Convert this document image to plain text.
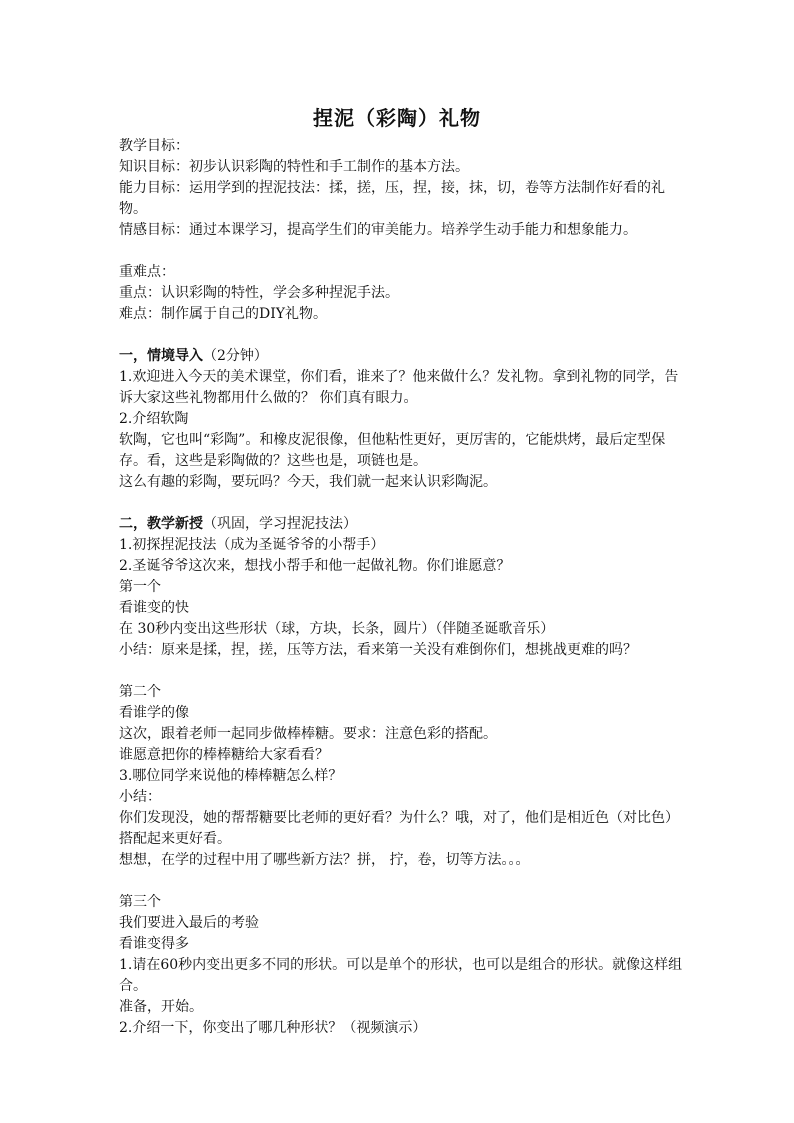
捏泥（彩陶）礼物

教学目标：

知识目标：初步认识彩陶的特性和手工制作的基本方法。

能力目标：运用学到的捏泥技法：揉，搓，压，捏，接，抹，切，卷等方法制作好看的礼物。

情感目标：通过本课学习，提高学生们的审美能力。培养学生动手能力和想象能力。

重难点：

重点：认识彩陶的特性，学会多种捏泥手法。

难点：制作属于自己的DIY礼物。

一，情境导入（2分钟）

1.欢迎进入今天的美术课堂，你们看，谁来了？他来做什么？发礼物。拿到礼物的同学，告诉大家这些礼物都用什么做的？ 你们真有眼力。

2.介绍软陶

软陶，它也叫“彩陶”。和橡皮泥很像，但他粘性更好，更厉害的，它能烘烤，最后定型保存。看，这些是彩陶做的？这些也是，项链也是。

这么有趣的彩陶，要玩吗？今天，我们就一起来认识彩陶泥。

二，教学新授（巩固，学习捏泥技法）

1.初探捏泥技法（成为圣诞爷爷的小帮手）

2.圣诞爷爷这次来，想找小帮手和他一起做礼物。你们谁愿意？

第一个

看谁变的快

在 30秒内变出这些形状（球，方块，长条，圆片）（伴随圣诞歌音乐）

小结：原来是揉，捏，搓，压等方法，看来第一关没有难倒你们，想挑战更难的吗？

第二个

看谁学的像

这次，跟着老师一起同步做棒棒糖。要求：注意色彩的搭配。

谁愿意把你的棒棒糖给大家看看？

3.哪位同学来说他的棒棒糖怎么样？

小结：

你们发现没，她的帮帮糖要比老师的更好看？为什么？哦，对了，他们是相近色（对比色）搭配起来更好看。

想想，在学的过程中用了哪些新方法？拼， 拧，卷，切等方法。。。

第三个

我们要进入最后的考验

看谁变得多

1.请在60秒内变出更多不同的形状。可以是单个的形状，也可以是组合的形状。就像这样组合。

准备，开始。

2.介绍一下，你变出了哪几种形状？（视频演示）
